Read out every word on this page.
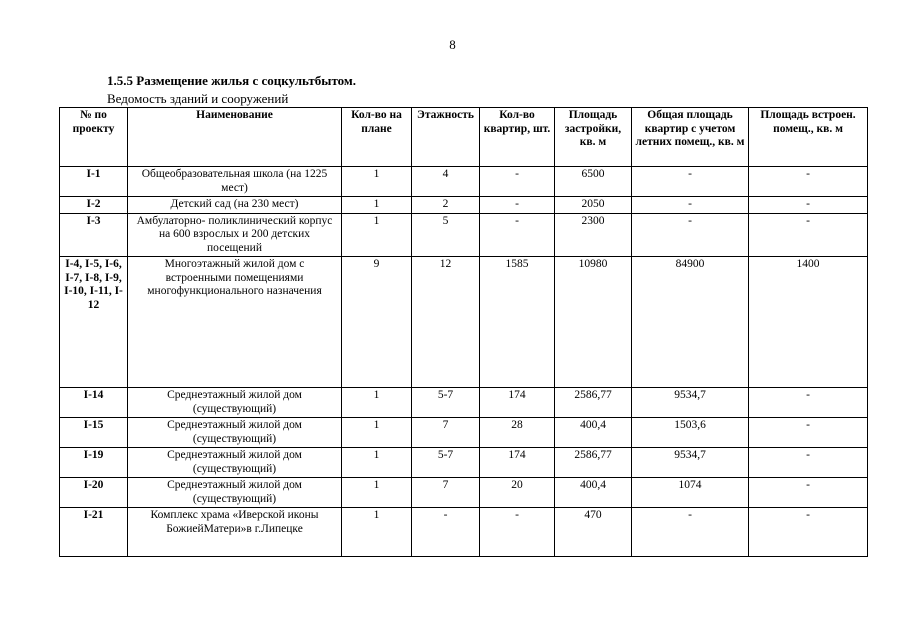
8
1.5.5 Размещение жилья с соцкультбытом.
Ведомость зданий и сооружений
№ по проекту	Наименование	Кол-во на плане	Этажность	Кол-во квартир, шт.	Площадь застройки, кв. м	Общая площадь квартир с учетом летних помещ., кв. м	Площадь встроен. помещ., кв. м
I-1	Общеобразовательная школа (на 1225 мест)	1	4	-	6500	-	-
I-2	Детский сад (на 230 мест)	1	2	-	2050	-	-
I-3	Амбулаторно- поликлинический корпус на 600 взрослых и 200 детских посещений	1	5	-	2300	-	-
I-4, I-5, I-6, I-7, I-8, I-9, I-10, I-11, I-12	Многоэтажный жилой дом с встроенными помещениями многофункционального назначения	9	12	1585	10980	84900	1400
I-14	Среднеэтажный жилой дом (существующий)	1	5-7	174	2586,77	9534,7	-
I-15	Среднеэтажный жилой дом (существующий)	1	7	28	400,4	1503,6	-
I-19	Среднеэтажный жилой дом (существующий)	1	5-7	174	2586,77	9534,7	-
I-20	Среднеэтажный жилой дом (существующий)	1	7	20	400,4	1074	-
I-21	Комплекс храма «Иверской иконы БожиейМатери»в г.Липецке	1	-	-	470	-	-
